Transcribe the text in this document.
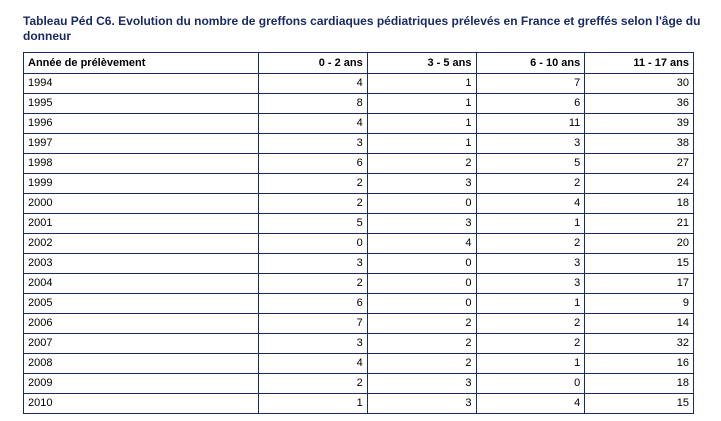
Tableau Péd C6. Evolution du nombre de greffons cardiaques pédiatriques prélevés en France et greffés selon l'âge du donneur
Année de prélèvement	0 - 2 ans	3 - 5 ans	6 - 10 ans	11 - 17 ans
1994	4	1	7	30
1995	8	1	6	36
1996	4	1	11	39
1997	3	1	3	38
1998	6	2	5	27
1999	2	3	2	24
2000	2	0	4	18
2001	5	3	1	21
2002	0	4	2	20
2003	3	0	3	15
2004	2	0	3	17
2005	6	0	1	9
2006	7	2	2	14
2007	3	2	2	32
2008	4	2	1	16
2009	2	3	0	18
2010	1	3	4	15
